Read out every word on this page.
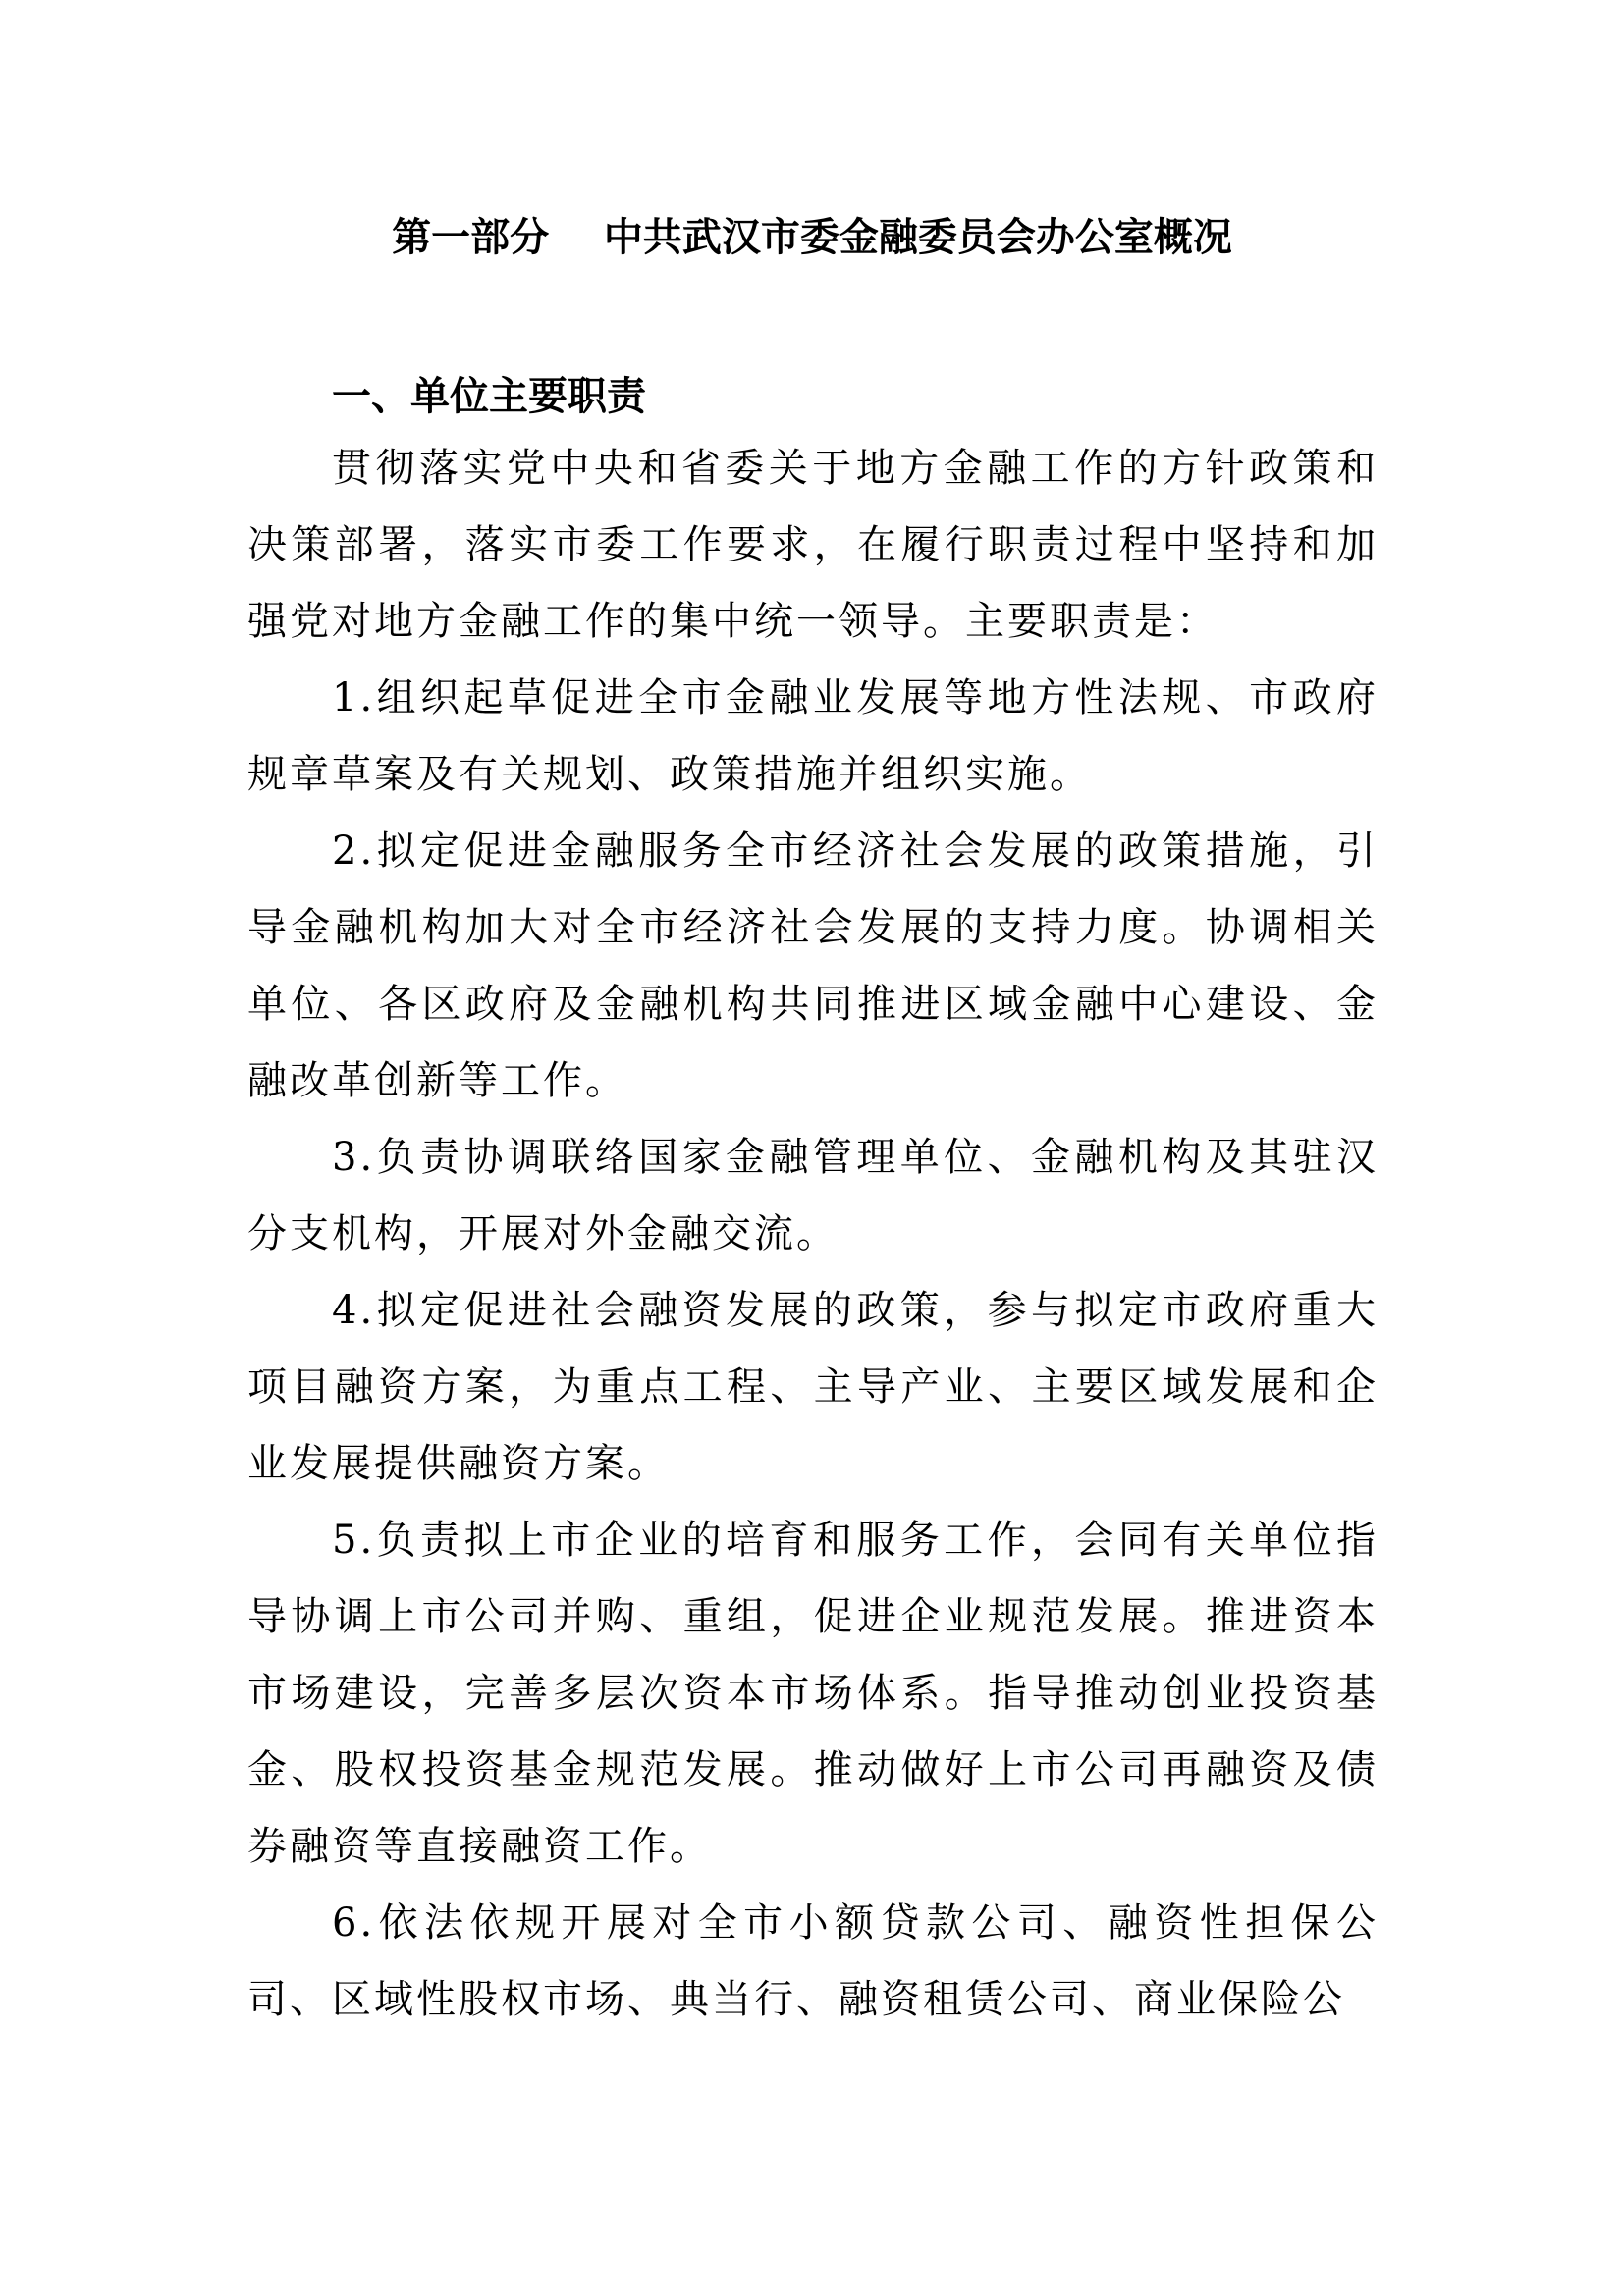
第一部分    中共武汉市委金融委员会办公室概况
一、单位主要职责

贯彻落实党中央和省委关于地方金融工作的方针政策和决策部署，落实市委工作要求，在履行职责过程中坚持和加强党对地方金融工作的集中统一领导。主要职责是：

1.组织起草促进全市金融业发展等地方性法规、市政府规章草案及有关规划、政策措施并组织实施。

2.拟定促进金融服务全市经济社会发展的政策措施，引导金融机构加大对全市经济社会发展的支持力度。协调相关单位、各区政府及金融机构共同推进区域金融中心建设、金融改革创新等工作。

3.负责协调联络国家金融管理单位、金融机构及其驻汉分支机构，开展对外金融交流。

4.拟定促进社会融资发展的政策，参与拟定市政府重大项目融资方案，为重点工程、主导产业、主要区域发展和企业发展提供融资方案。

5.负责拟上市企业的培育和服务工作，会同有关单位指导协调上市公司并购、重组，促进企业规范发展。推进资本市场建设，完善多层次资本市场体系。指导推动创业投资基金、股权投资基金规范发展。推动做好上市公司再融资及债券融资等直接融资工作。

6.依法依规开展对全市小额贷款公司、融资性担保公司、区域性股权市场、典当行、融资租赁公司、商业保险公
